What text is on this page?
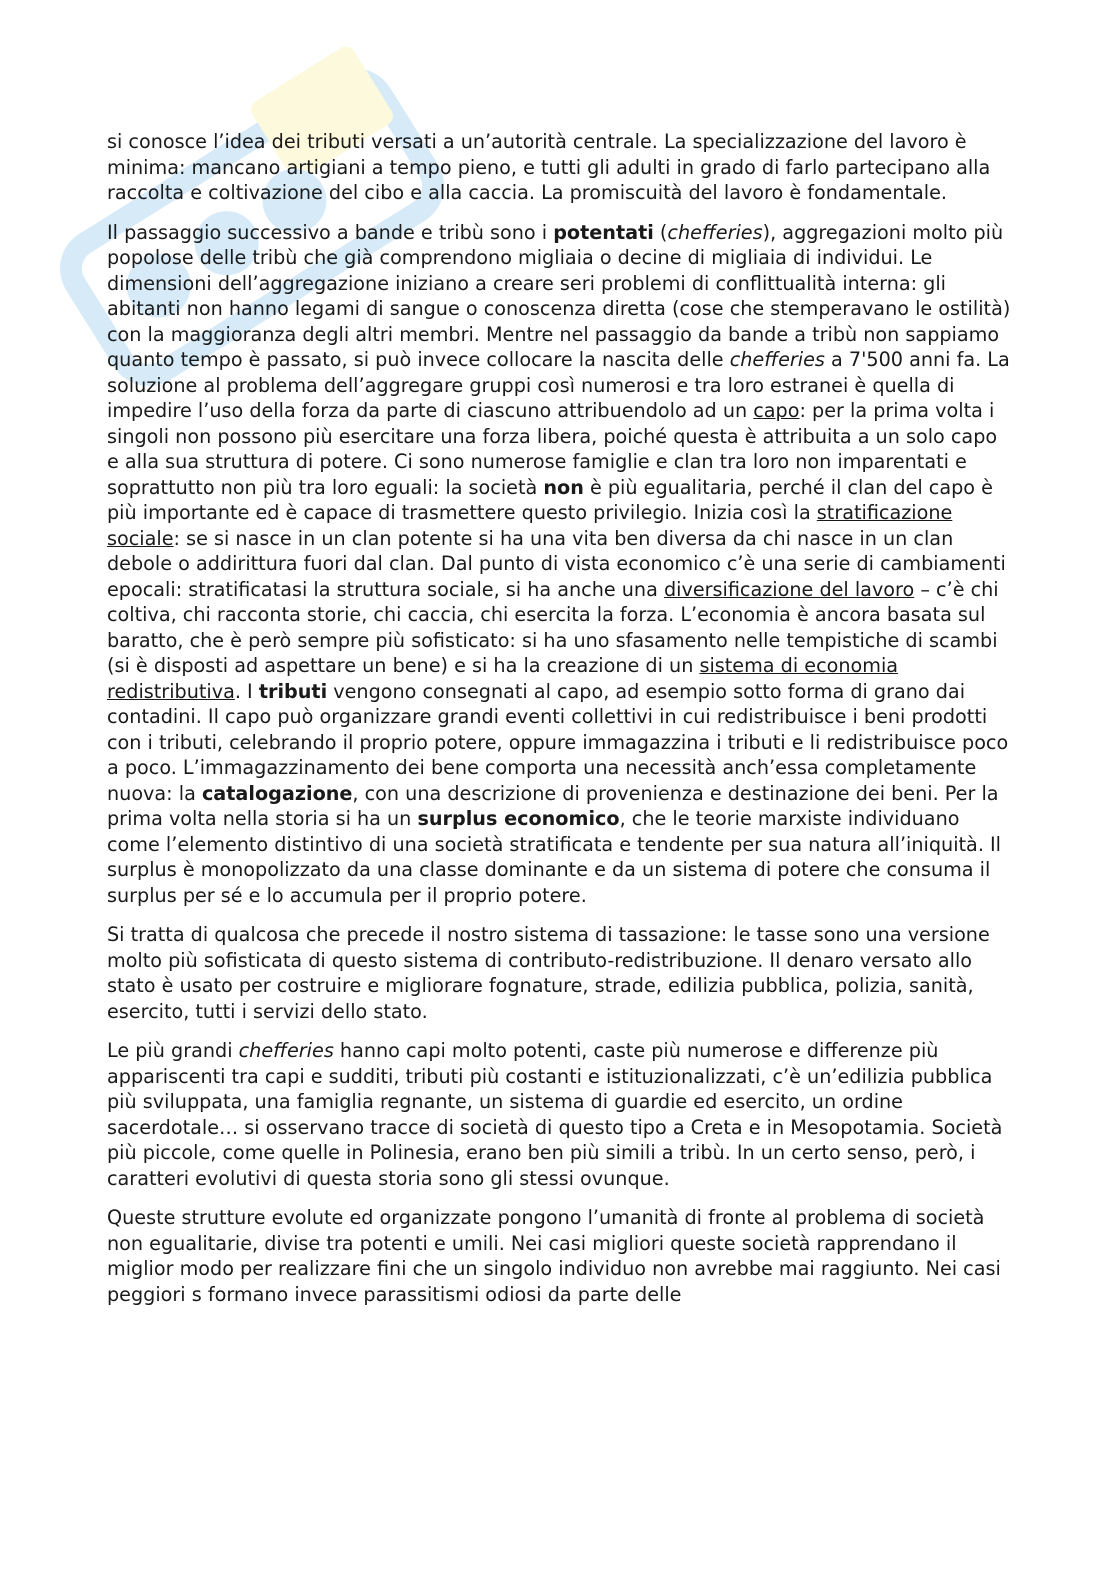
si conosce l’idea dei tributi versati a un’autorità centrale. La specializzazione del lavoro è minima: mancano artigiani a tempo pieno, e tutti gli adulti in grado di farlo partecipano alla raccolta e coltivazione del cibo e alla caccia. La promiscuità del lavoro è fondamentale.

Il passaggio successivo a bande e tribù sono i potentati (chefferies), aggregazioni molto più popolose delle tribù che già comprendono migliaia o decine di migliaia di individui. Le dimensioni dell’aggregazione iniziano a creare seri problemi di conflittualità interna: gli abitanti non hanno legami di sangue o conoscenza diretta (cose che stemperavano le ostilità) con la maggioranza degli altri membri. Mentre nel passaggio da bande a tribù non sappiamo quanto tempo è passato, si può invece collocare la nascita delle chefferies a 7'500 anni fa. La soluzione al problema dell’aggregare gruppi così numerosi e tra loro estranei è quella di impedire l’uso della forza da parte di ciascuno attribuendolo ad un capo: per la prima volta i singoli non possono più esercitare una forza libera, poiché questa è attribuita a un solo capo e alla sua struttura di potere. Ci sono numerose famiglie e clan tra loro non imparentati e soprattutto non più tra loro eguali: la società non è più egualitaria, perché il clan del capo è più importante ed è capace di trasmettere questo privilegio. Inizia così la stratificazione sociale: se si nasce in un clan potente si ha una vita ben diversa da chi nasce in un clan debole o addirittura fuori dal clan. Dal punto di vista economico c’è una serie di cambiamenti epocali: stratificatasi la struttura sociale, si ha anche una diversificazione del lavoro – c’è chi coltiva, chi racconta storie, chi caccia, chi esercita la forza. L’economia è ancora basata sul baratto, che è però sempre più sofisticato: si ha uno sfasamento nelle tempistiche di scambi (si è disposti ad aspettare un bene) e si ha la creazione di un sistema di economia redistributiva. I tributi vengono consegnati al capo, ad esempio sotto forma di grano dai contadini. Il capo può organizzare grandi eventi collettivi in cui redistribuisce i beni prodotti con i tributi, celebrando il proprio potere, oppure immagazzina i tributi e li redistribuisce poco a poco. L’immagazzinamento dei bene comporta una necessità anch’essa completamente nuova: la catalogazione, con una descrizione di provenienza e destinazione dei beni. Per la prima volta nella storia si ha un surplus economico, che le teorie marxiste individuano come l’elemento distintivo di una società stratificata e tendente per sua natura all’iniquità. Il surplus è monopolizzato da una classe dominante e da un sistema di potere che consuma il surplus per sé e lo accumula per il proprio potere.

Si tratta di qualcosa che precede il nostro sistema di tassazione: le tasse sono una versione molto più sofisticata di questo sistema di contributo-redistribuzione. Il denaro versato allo stato è usato per costruire e migliorare fognature, strade, edilizia pubblica, polizia, sanità, esercito, tutti i servizi dello stato.

Le più grandi chefferies hanno capi molto potenti, caste più numerose e differenze più appariscenti tra capi e sudditi, tributi più costanti e istituzionalizzati, c’è un’edilizia pubblica più sviluppata, una famiglia regnante, un sistema di guardie ed esercito, un ordine sacerdotale… si osservano tracce di società di questo tipo a Creta e in Mesopotamia. Società più piccole, come quelle in Polinesia, erano ben più simili a tribù. In un certo senso, però, i caratteri evolutivi di questa storia sono gli stessi ovunque.

Queste strutture evolute ed organizzate pongono l’umanità di fronte al problema di società non egualitarie, divise tra potenti e umili. Nei casi migliori queste società rapprendano il miglior modo per realizzare fini che un singolo individuo non avrebbe mai raggiunto. Nei casi peggiori s formano invece parassitismi odiosi da parte delle
